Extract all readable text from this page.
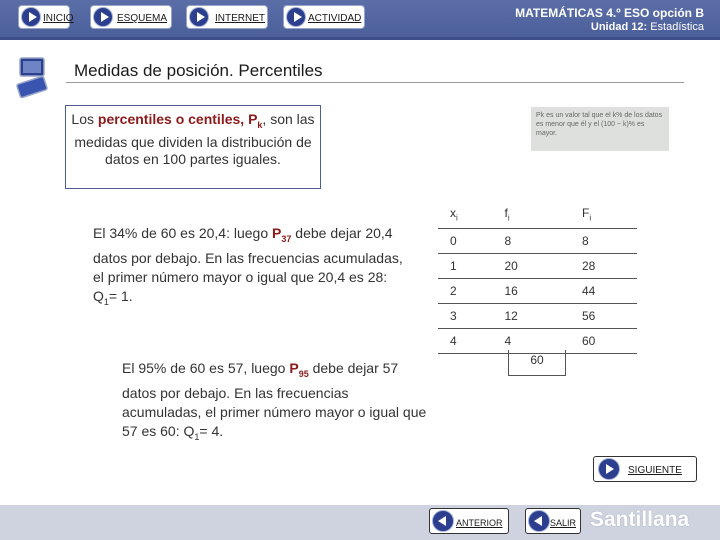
INICIO	ESQUEMA	INTERNET	ACTIVIDAD	MATEMÁTICAS 4.º ESO opción B
Unidad 12: Estadística
Medidas de posición. Percentiles
Los percentiles o centiles, $P_k$, son las medidas que dividen la distribución de datos en 100 partes iguales.
Pk es un valor tal que el k% de los datos es menor que él y el (100 − k)% es mayor.
El 34% de 60 es 20,4: luego $P_{37}$ debe dejar 20,4 datos por debajo. En las frecuencias acumuladas, el primer número mayor o igual que 20,4 es 28: $Q_1= 1$.
El 95% de 60 es 57, luego $P_{95}$ debe dejar 57 datos por debajo. En las frecuencias acumuladas, el primer número mayor o igual que 57 es 60: $Q_1= 4$.
$x_i$	$f_i$	$F_i$
0	8	8
1	20	28
2	16	44
3	12	56
4	4	60
60
SIGUIENTE
ANTERIOR	SALIR Santillana
